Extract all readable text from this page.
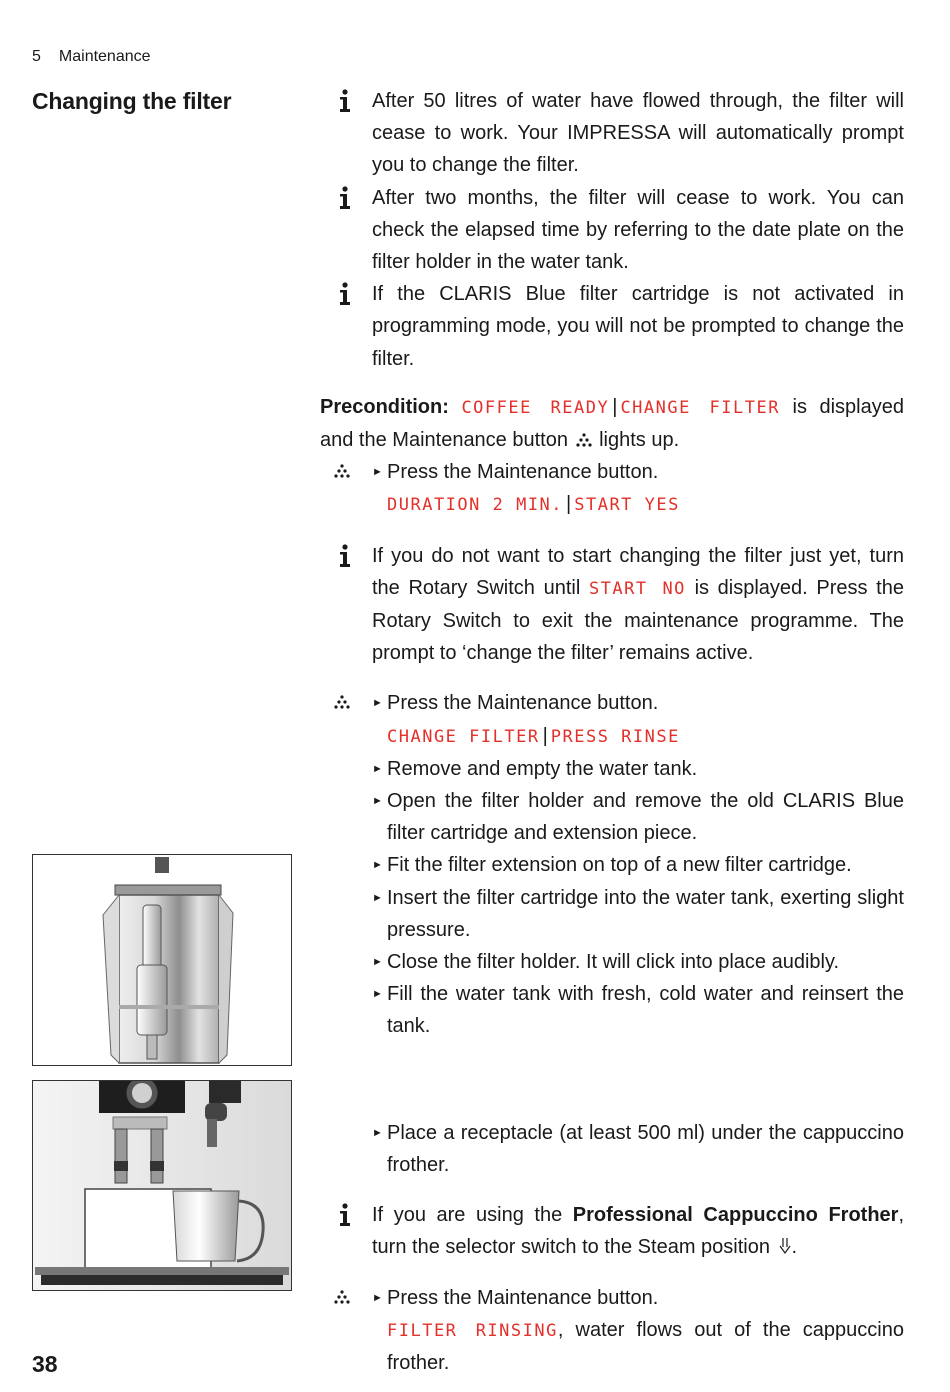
5 Maintenance
Changing the filter	After 50 litres of water have flowed through, the filter will cease to work. Your IMPRESSA will automatically prompt you to change the filter.
After two months, the filter will cease to work. You can check the elapsed time by referring to the date plate on the filter holder in the water tank.
If the CLARIS Blue filter cartridge is not activated in programming mode, you will not be prompted to change the filter.
Precondition: COFFEE READY | CHANGE FILTER is displayed and the Maintenance button lights up.
► Press the Maintenance button.
DURATION 2 MIN. | START YES
If you do not want to start changing the filter just yet, turn the Rotary Switch until START NO is displayed. Press the Rotary Switch to exit the maintenance programme. The prompt to ‘change the filter’ remains active.
► Press the Maintenance button.
CHANGE FILTER | PRESS RINSE
► Remove and empty the water tank.
► Open the filter holder and remove the old CLARIS Blue filter cartridge and extension piece.
► Fit the filter extension on top of a new filter cartridge.
► Insert the filter cartridge into the water tank, exerting slight pressure.
► Close the filter holder. It will click into place audibly.
► Fill the water tank with fresh, cold water and reinsert the tank.
► Place a receptacle (at least 500 ml) under the cappuccino frother.
If you are using the Professional Cappuccino Frother, turn the selector switch to the Steam position .
► Press the Maintenance button.
FILTER RINSING, water flows out of the cappuccino frother.
38
